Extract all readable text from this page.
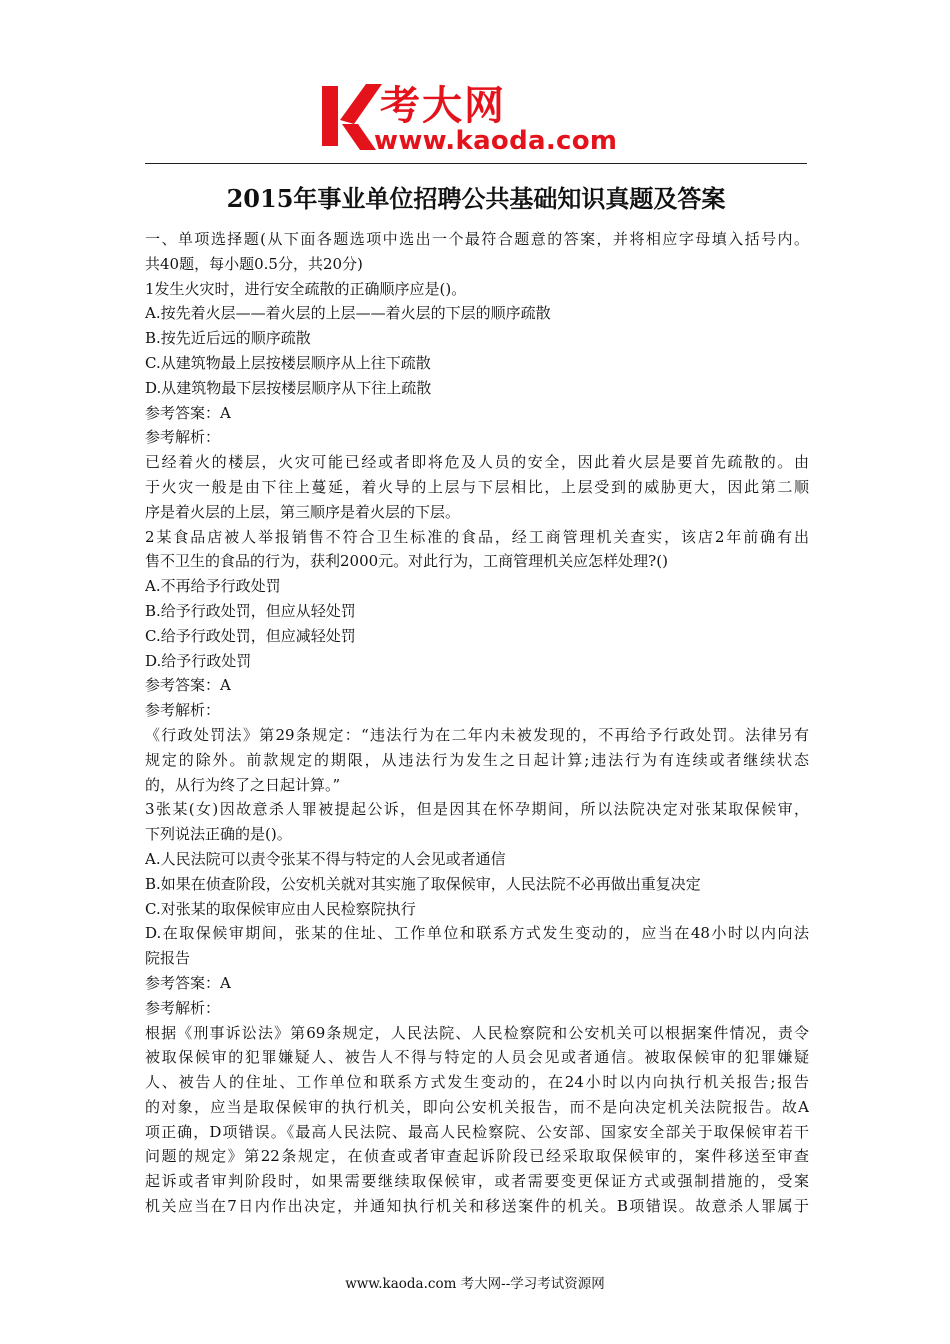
考大网
www.kaoda.com
2015年事业单位招聘公共基础知识真题及答案
一、单项选择题(从下面各题选项中选出一个最符合题意的答案，并将相应字母填入括号内。
共40题，每小题0.5分，共20分)
1发生火灾时，进行安全疏散的正确顺序应是()。
A.按先着火层——着火层的上层——着火层的下层的顺序疏散
B.按先近后远的顺序疏散
C.从建筑物最上层按楼层顺序从上往下疏散
D.从建筑物最下层按楼层顺序从下往上疏散
参考答案：A
参考解析：
已经着火的楼层，火灾可能已经或者即将危及人员的安全，因此着火层是要首先疏散的。由
于火灾一般是由下往上蔓延，着火导的上层与下层相比，上层受到的威胁更大，因此第二顺
序是着火层的上层，第三顺序是着火层的下层。
2某食品店被人举报销售不符合卫生标准的食品，经工商管理机关查实，该店2年前确有出
售不卫生的食品的行为，获利2000元。对此行为，工商管理机关应怎样处理?()
A.不再给予行政处罚
B.给予行政处罚，但应从轻处罚
C.给予行政处罚，但应减轻处罚
D.给予行政处罚
参考答案：A
参考解析：
《行政处罚法》第29条规定：“违法行为在二年内未被发现的，不再给予行政处罚。法律另有
规定的除外。前款规定的期限，从违法行为发生之日起计算;违法行为有连续或者继续状态
的，从行为终了之日起计算。”
3张某(女)因故意杀人罪被提起公诉，但是因其在怀孕期间，所以法院决定对张某取保候审，
下列说法正确的是()。
A.人民法院可以责令张某不得与特定的人会见或者通信
B.如果在侦查阶段，公安机关就对其实施了取保候审，人民法院不必再做出重复决定
C.对张某的取保候审应由人民检察院执行
D.在取保候审期间，张某的住址、工作单位和联系方式发生变动的，应当在48小时以内向法
院报告
参考答案：A
参考解析：
根据《刑事诉讼法》第69条规定，人民法院、人民检察院和公安机关可以根据案件情况，责令
被取保候审的犯罪嫌疑人、被告人不得与特定的人员会见或者通信。被取保候审的犯罪嫌疑
人、被告人的住址、工作单位和联系方式发生变动的，在24小时以内向执行机关报告;报告
的对象，应当是取保候审的执行机关，即向公安机关报告，而不是向决定机关法院报告。故A
项正确，D项错误。《最高人民法院、最高人民检察院、公安部、国家安全部关于取保候审若干
问题的规定》第22条规定，在侦查或者审查起诉阶段已经采取取保候审的，案件移送至审查
起诉或者审判阶段时，如果需要继续取保候审，或者需要变更保证方式或强制措施的，受案
机关应当在7日内作出决定，并通知执行机关和移送案件的机关。B项错误。故意杀人罪属于
www.kaoda.com 考大网--学习考试资源网
